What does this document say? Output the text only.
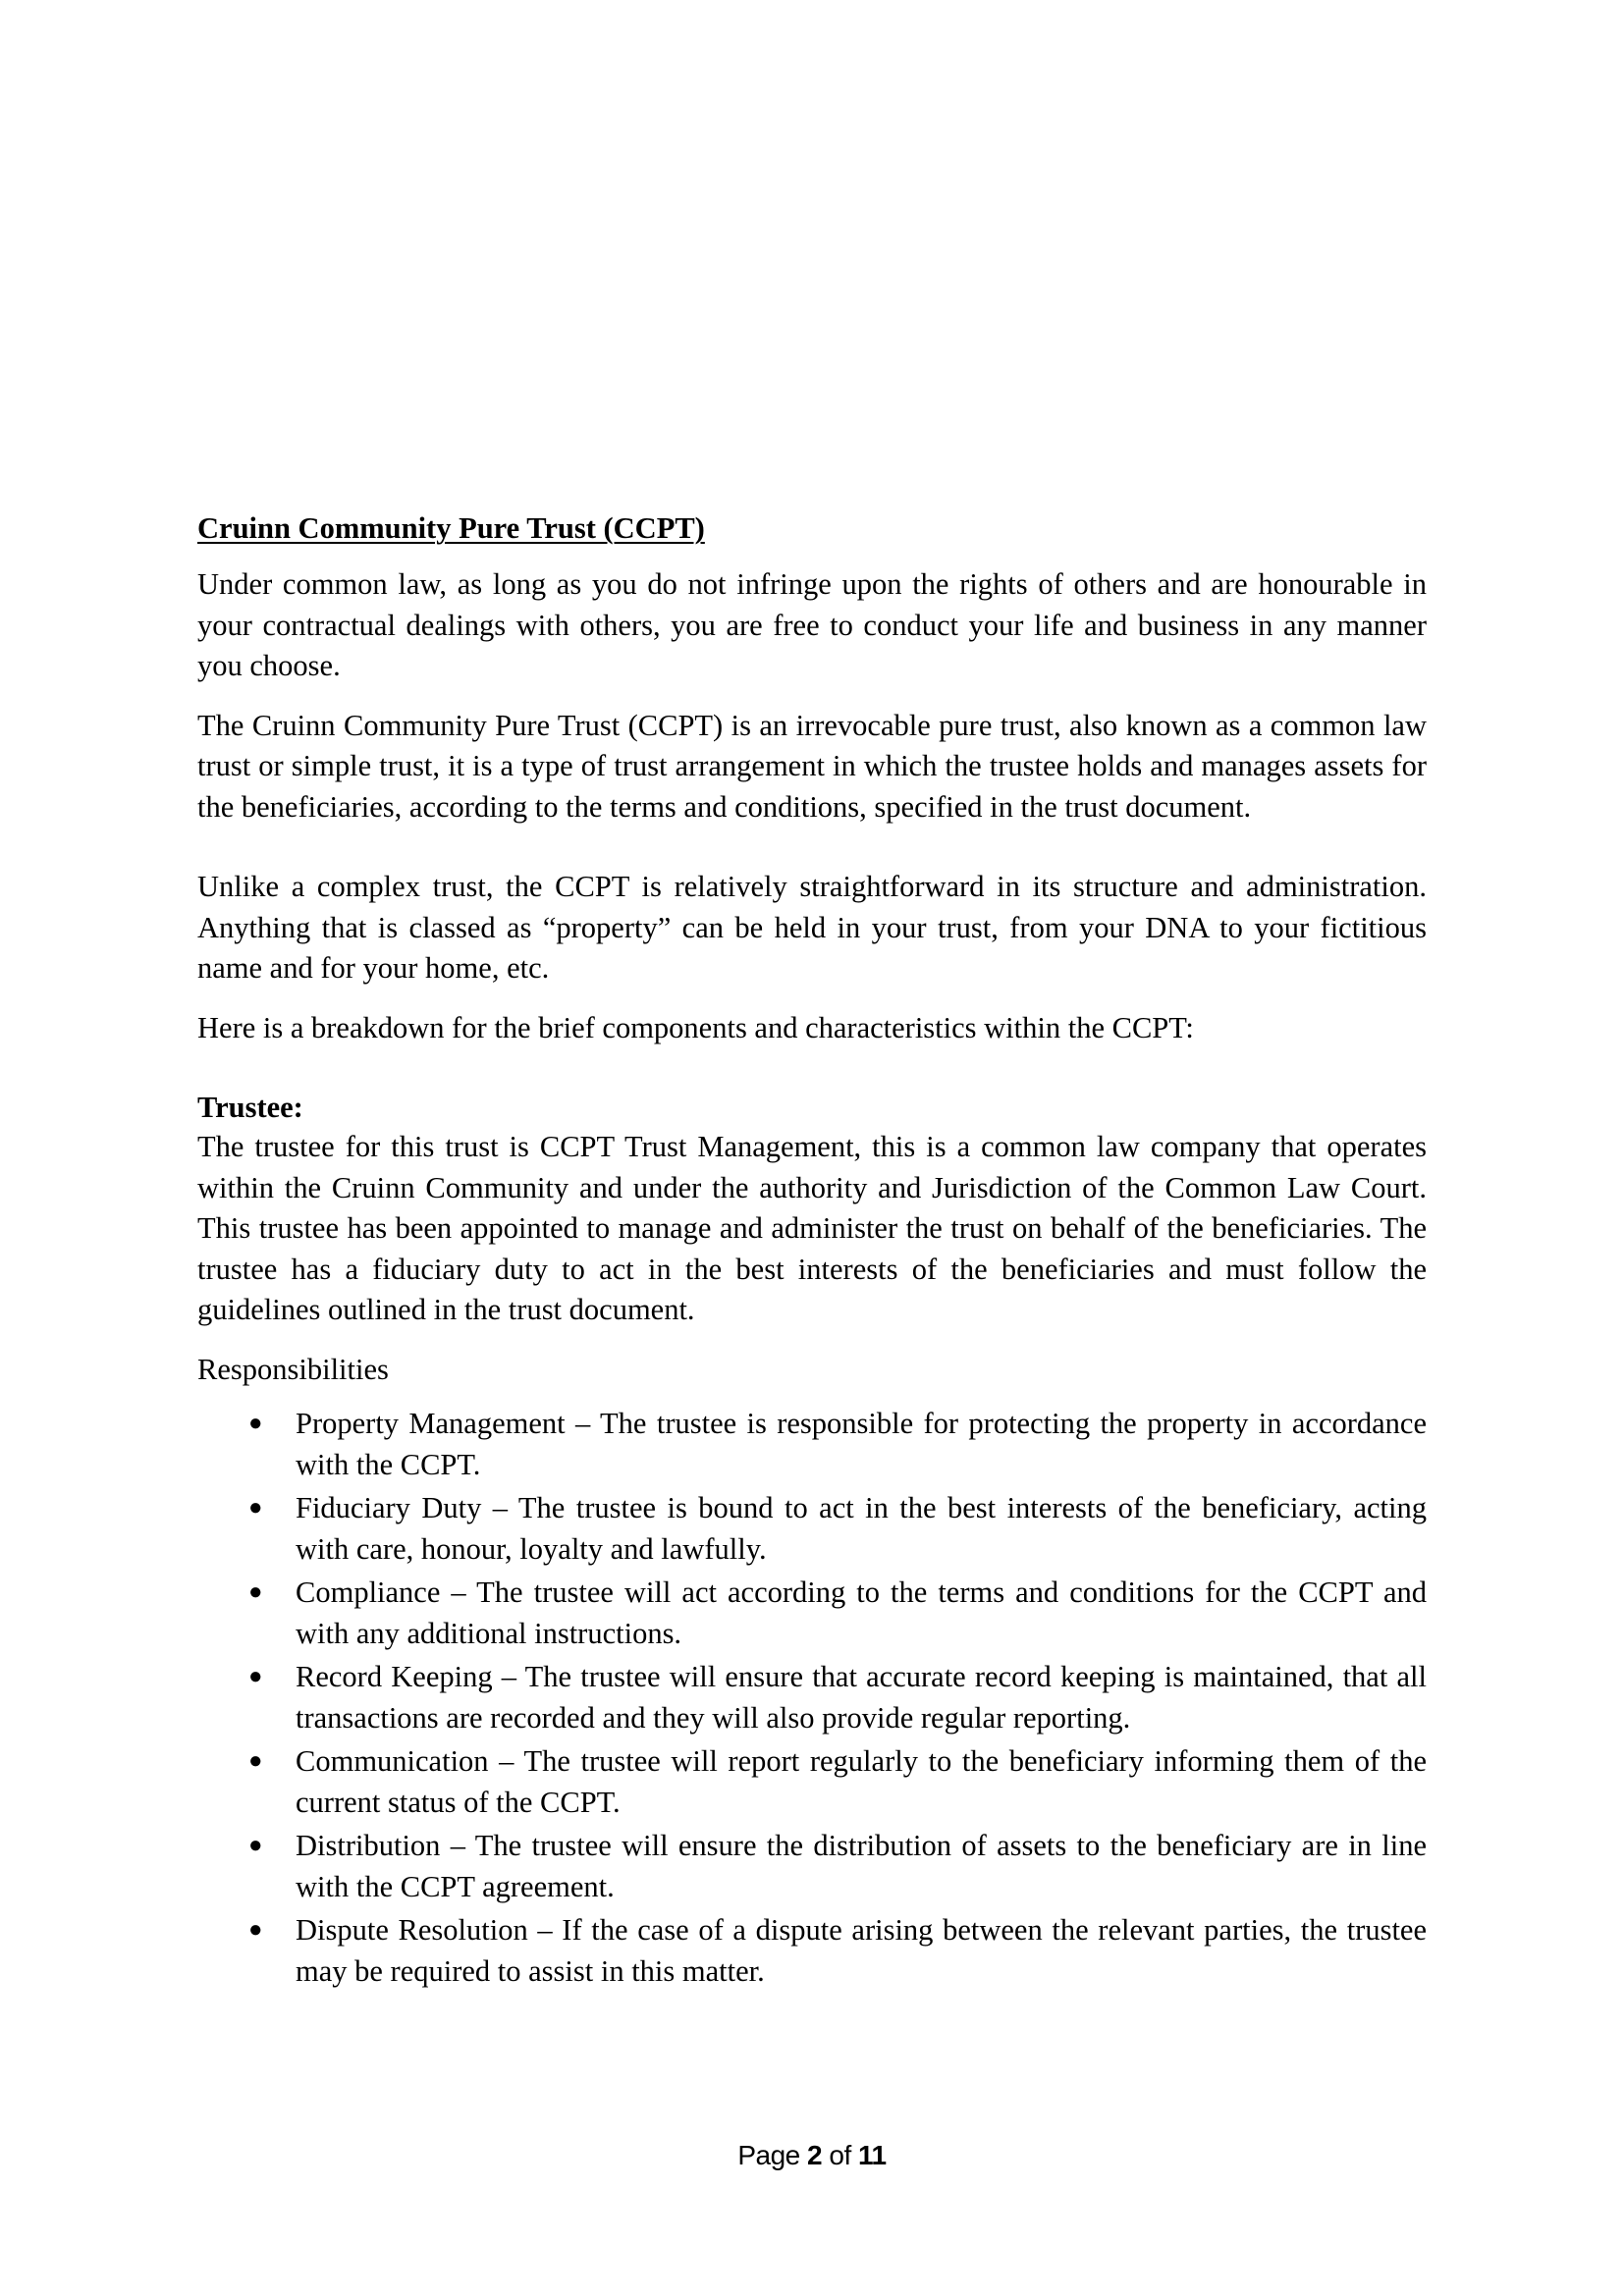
Cruinn Community Pure Trust (CCPT)

Under common law, as long as you do not infringe upon the rights of others and are honourable in your contractual dealings with others, you are free to conduct your life and business in any manner you choose.

The Cruinn Community Pure Trust (CCPT) is an irrevocable pure trust, also known as a common law trust or simple trust, it is a type of trust arrangement in which the trustee holds and manages assets for the beneficiaries, according to the terms and conditions, specified in the trust document.

Unlike a complex trust, the CCPT is relatively straightforward in its structure and administration. Anything that is classed as “property” can be held in your trust, from your DNA to your fictitious name and for your home, etc.

Here is a breakdown for the brief components and characteristics within the CCPT:

Trustee:

The trustee for this trust is CCPT Trust Management, this is a common law company that operates within the Cruinn Community and under the authority and Jurisdiction of the Common Law Court. This trustee has been appointed to manage and administer the trust on behalf of the beneficiaries. The trustee has a fiduciary duty to act in the best interests of the beneficiaries and must follow the guidelines outlined in the trust document.

Responsibilities

● Property Management – The trustee is responsible for protecting the property in accordance with the CCPT.
● Fiduciary Duty – The trustee is bound to act in the best interests of the beneficiary, acting with care, honour, loyalty and lawfully.
● Compliance – The trustee will act according to the terms and conditions for the CCPT and with any additional instructions.
● Record Keeping – The trustee will ensure that accurate record keeping is maintained, that all transactions are recorded and they will also provide regular reporting.
● Communication – The trustee will report regularly to the beneficiary informing them of the current status of the CCPT.
● Distribution – The trustee will ensure the distribution of assets to the beneficiary are in line with the CCPT agreement.
● Dispute Resolution – If the case of a dispute arising between the relevant parties, the trustee may be required to assist in this matter.
Page 2 of 11
